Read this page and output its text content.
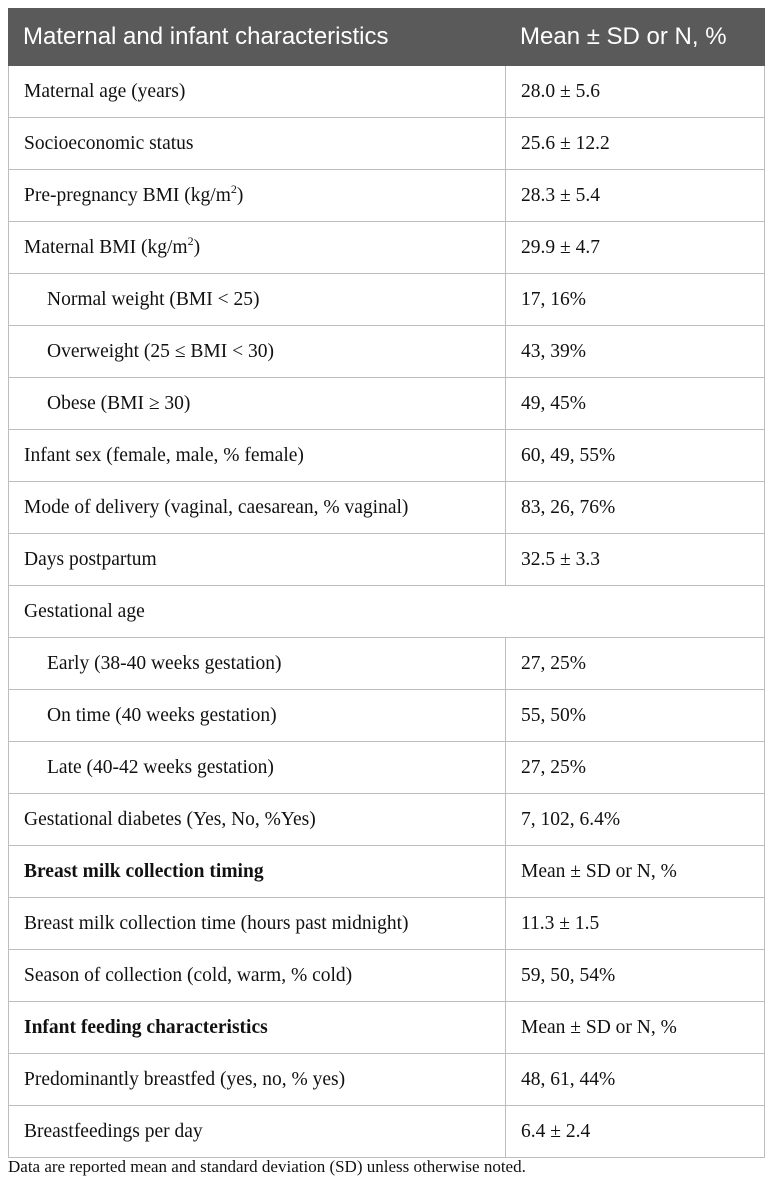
Maternal and infant characteristics	Mean ± SD or N, %
Maternal age (years)	28.0 ± 5.6
Socioeconomic status	25.6 ± 12.2
Pre-pregnancy BMI $(kg/m^2)$	28.3 ± 5.4
Maternal BMI $(kg/m^2)$	29.9 ± 4.7
Normal weight (BMI < 25)	17, 16%
Overweight (25 ≤ BMI < 30)	43, 39%
Obese (BMI ≥ 30)	49, 45%
Infant sex (female, male, % female)	60, 49, 55%
Mode of delivery (vaginal, caesarean, % vaginal)	83, 26, 76%
Days postpartum	32.5 ± 3.3
Gestational age	
Early (38-40 weeks gestation)	27, 25%
On time (40 weeks gestation)	55, 50%
Late (40-42 weeks gestation)	27, 25%
Gestational diabetes (Yes, No, %Yes)	7, 102, 6.4%
Breast milk collection timing	Mean ± SD or N, %
Breast milk collection time (hours past midnight)	11.3 ± 1.5
Season of collection (cold, warm, % cold)	59, 50, 54%
Infant feeding characteristics	Mean ± SD or N, %
Predominantly breastfed (yes, no, % yes)	48, 61, 44%
Breastfeedings per day	6.4 ± 2.4
Data are reported mean and standard deviation (SD) unless otherwise noted.
